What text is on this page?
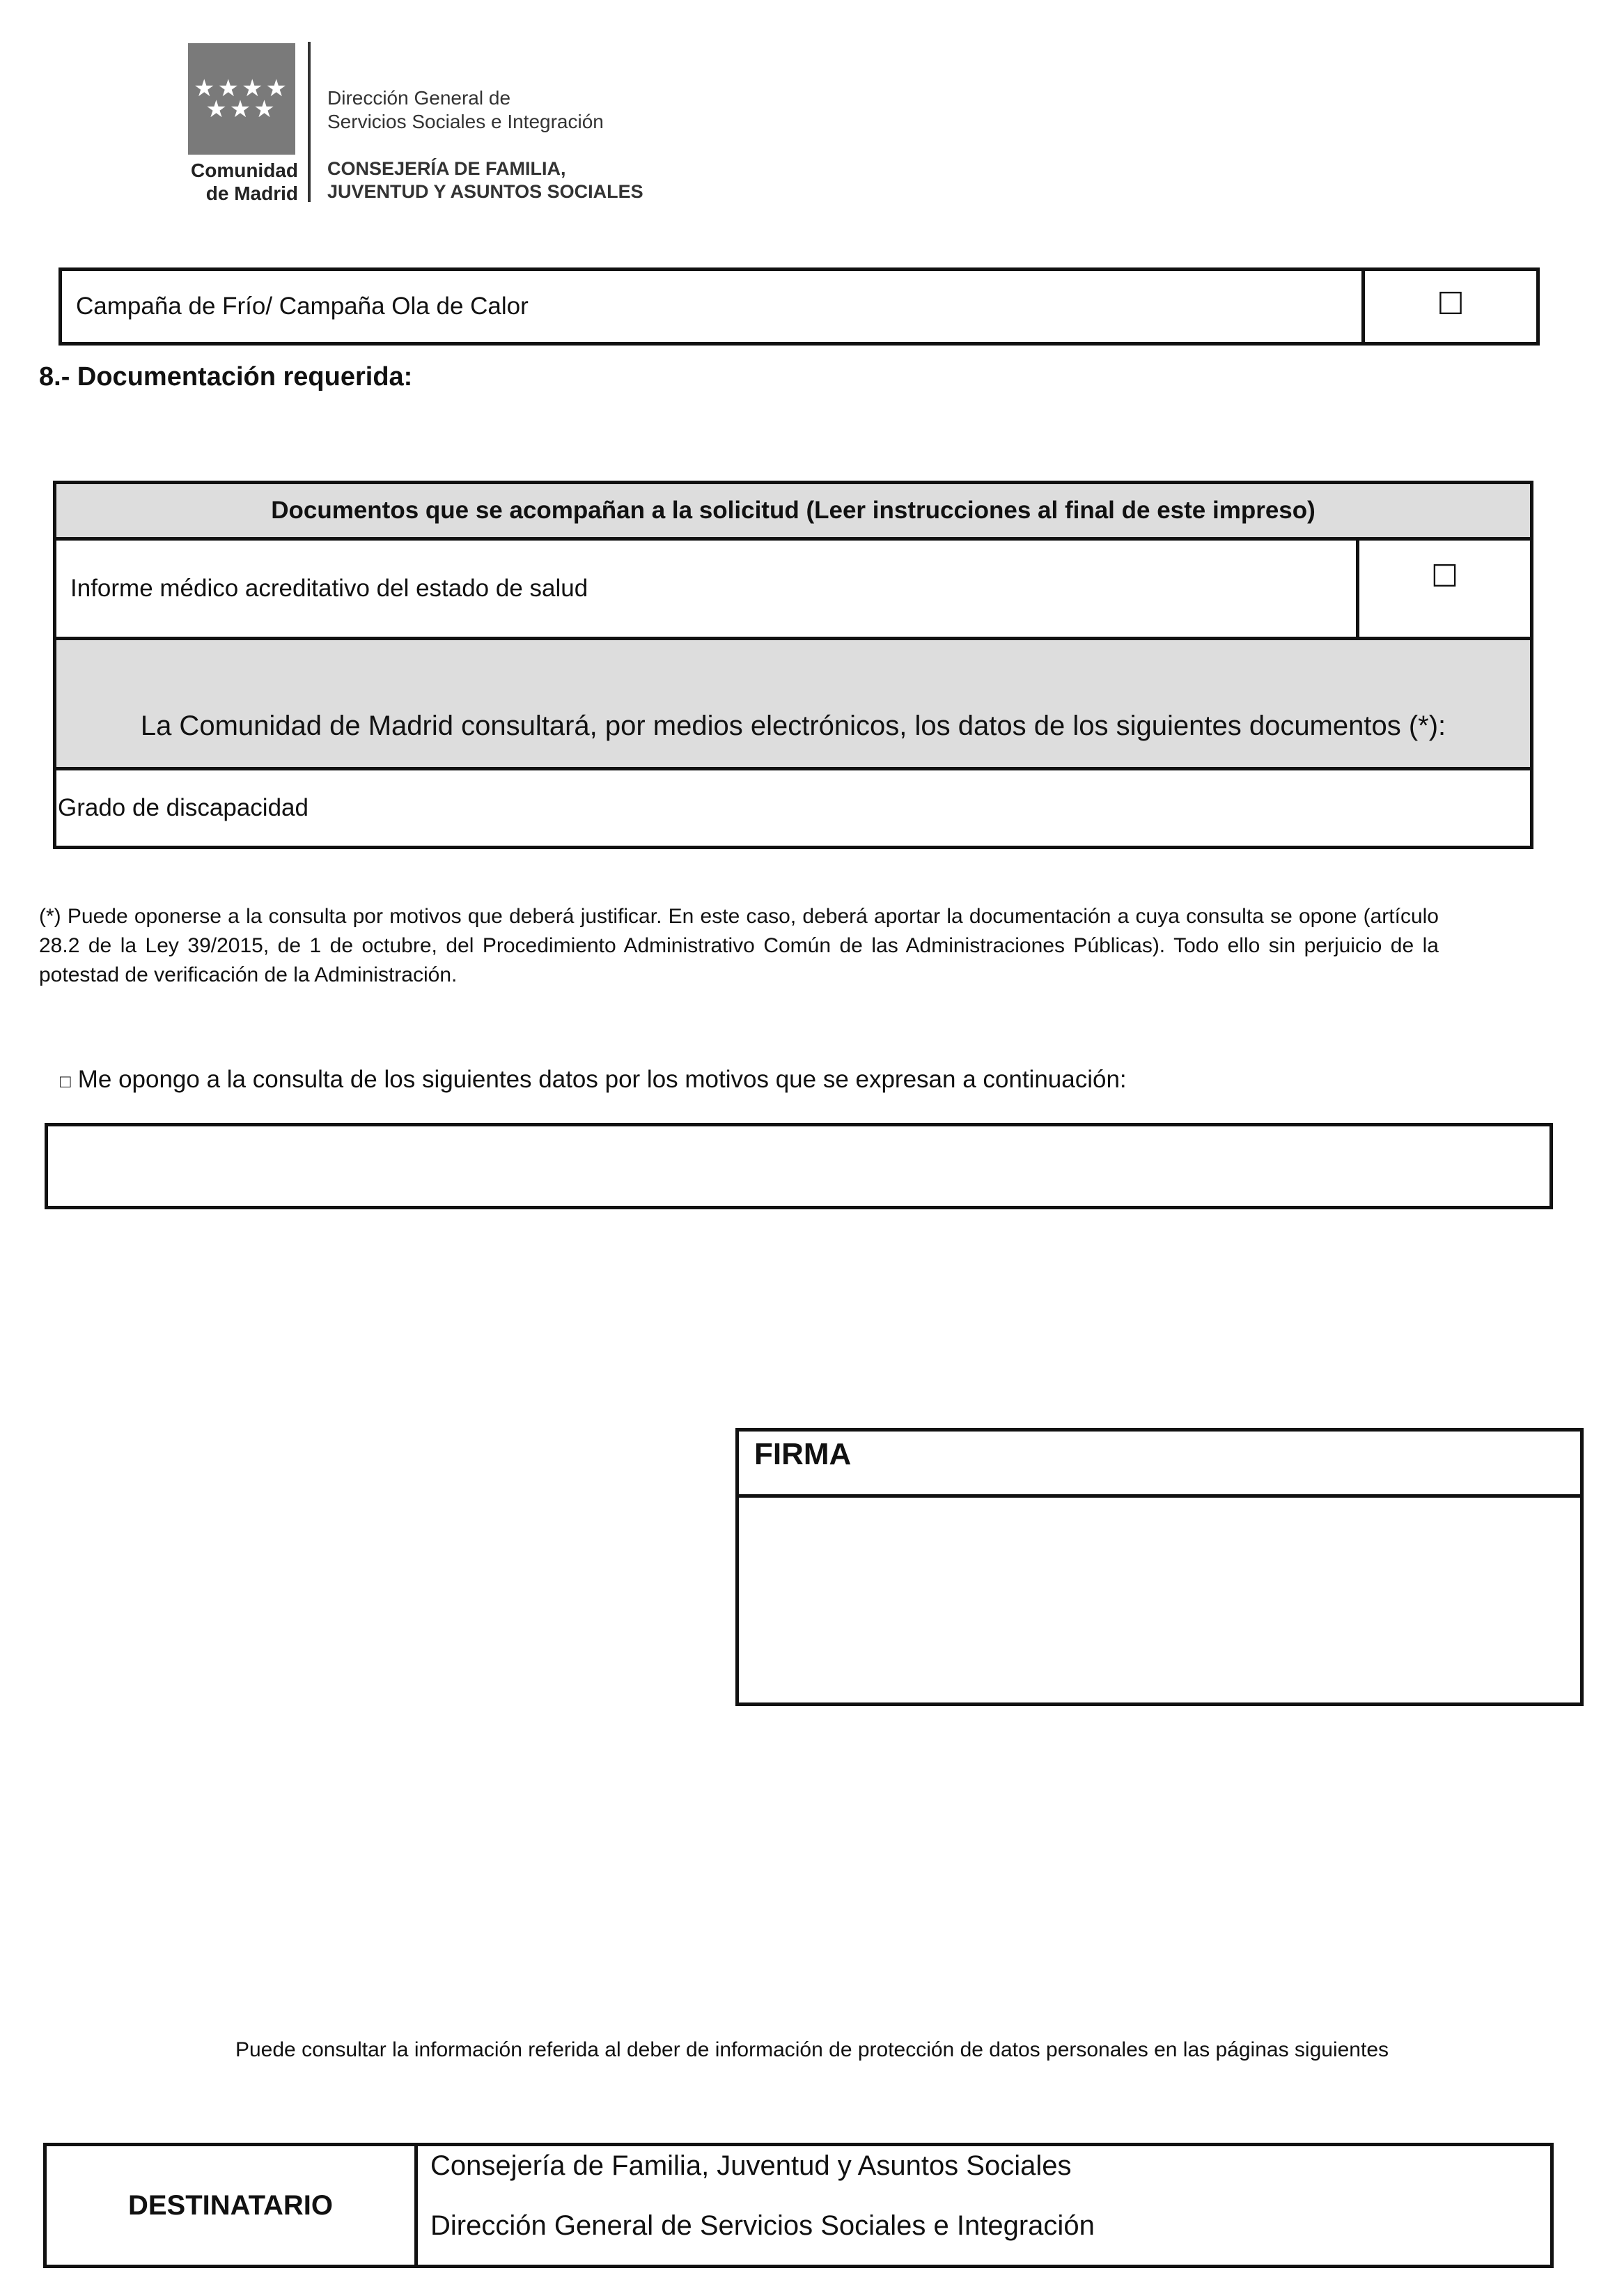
★★★★
★★★
Comunidad
de Madrid
Dirección General de
Servicios Sociales e Integración
CONSEJERÍA DE FAMILIA,
JUVENTUD Y ASUNTOS SOCIALES
Campaña de Frío/ Campaña Ola de Calor	☐
8.- Documentación requerida:
Documentos que se acompañan a la solicitud (Leer instrucciones al final de este impreso)
Informe médico acreditativo del estado de salud	☐
La Comunidad de Madrid consultará, por medios electrónicos, los datos de los siguientes documentos (*):
Grado de discapacidad
(*) Puede oponerse a la consulta por motivos que deberá justificar. En este caso, deberá aportar la documentación a cuya consulta se opone (artículo 28.2 de la Ley 39/2015, de 1 de octubre, del Procedimiento Administrativo Común de las Administraciones Públicas). Todo ello sin perjuicio de la potestad de verificación de la Administración.
□ Me opongo a la consulta de los siguientes datos por los motivos que se expresan a continuación:
FIRMA
Puede consultar la información referida al deber de información de protección de datos personales en las páginas siguientes
DESTINATARIO
Consejería de Familia, Juventud y Asuntos Sociales
Dirección General de Servicios Sociales e Integración
